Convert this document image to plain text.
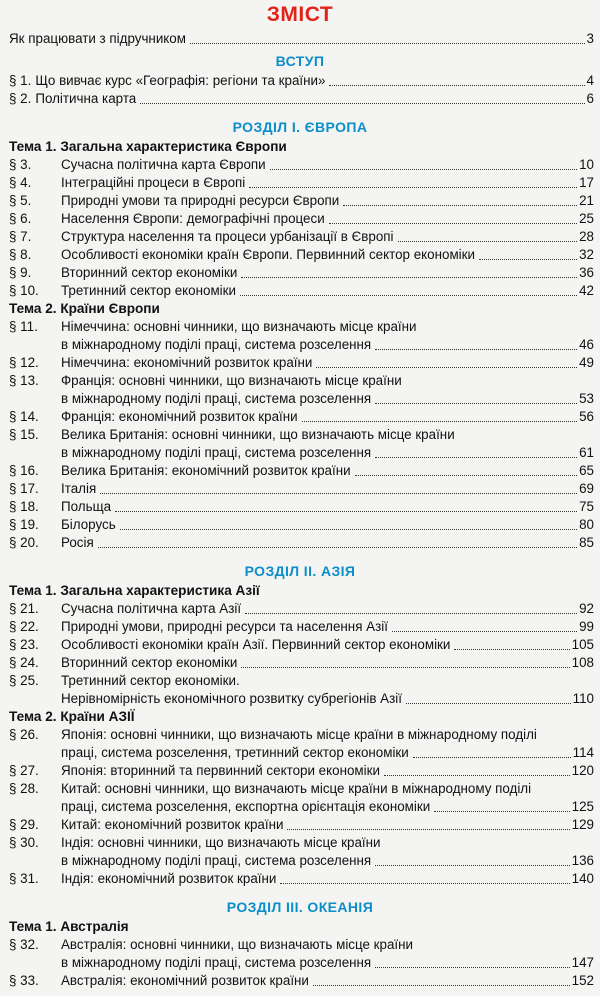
ЗМІСТ
Як працювати з підручником	3
ВСТУП
§ 1. Що вивчає курс «Географія: регіони та країни»	4
§ 2. Політична карта	6
РОЗДІЛ І. ЄВРОПА
Тема 1. Загальна характеристика Європи
§ 3.	Сучасна політична карта Європи	10
§ 4.	Інтеграційні процеси в Європі	17
§ 5.	Природні умови та природні ресурси Європи	21
§ 6.	Населення Європи: демографічні процеси	25
§ 7.	Структура населення та процеси урбанізації в Європі	28
§ 8.	Особливості економіки країн Європи. Первинний сектор економіки	32
§ 9.	Вторинний сектор економіки	36
§ 10.	Третинний сектор економіки	42
Тема 2. Країни Європи
§ 11.	Німеччина: основні чинники, що визначають місце країни
в міжнародному поділі праці, система розселення	46
§ 12.	Німеччина: економічний розвиток країни	49
§ 13.	Франція: основні чинники, що визначають місце країни
в міжнародному поділі праці, система розселення	53
§ 14.	Франція: економічний розвиток країни	56
§ 15.	Велика Британія: основні чинники, що визначають місце країни
в міжнародному поділі праці, система розселення	61
§ 16.	Велика Британія: економічний розвиток країни	65
§ 17.	Італія	69
§ 18.	Польща	75
§ 19.	Білорусь	80
§ 20.	Росія	85
РОЗДІЛ ІІ. АЗІЯ
Тема 1. Загальна характеристика Азії
§ 21.	Сучасна політична карта Азії	92
§ 22.	Природні умови, природні ресурси та населення Азії	99
§ 23.	Особливості економіки країн Азії. Первинний сектор економіки	105
§ 24.	Вторинний сектор економіки	108
§ 25.	Третинний сектор економіки.
Нерівномірність економічного розвитку субрегіонів Азії	110
Тема 2. Країни АЗІЇ
§ 26.	Японія: основні чинники, що визначають місце країни в міжнародному поділі
праці, система розселення, третинний сектор економіки	114
§ 27.	Японія: вторинний та первинний сектори економіки	120
§ 28.	Китай: основні чинники, що визначають місце країни в міжнародному поділі
праці, система розселення, експортна орієнтація економіки	125
§ 29.	Китай: економічний розвиток країни	129
§ 30.	Індія: основні чинники, що визначають місце країни
в міжнародному поділі праці, система розселення	136
§ 31.	Індія: економічний розвиток країни	140
РОЗДІЛ ІІІ. ОКЕАНІЯ
Тема 1. Австралія
§ 32.	Австралія: основні чинники, що визначають місце країни
в міжнародному поділі праці, система розселення	147
§ 33.	Австралія: економічний розвиток країни	152
